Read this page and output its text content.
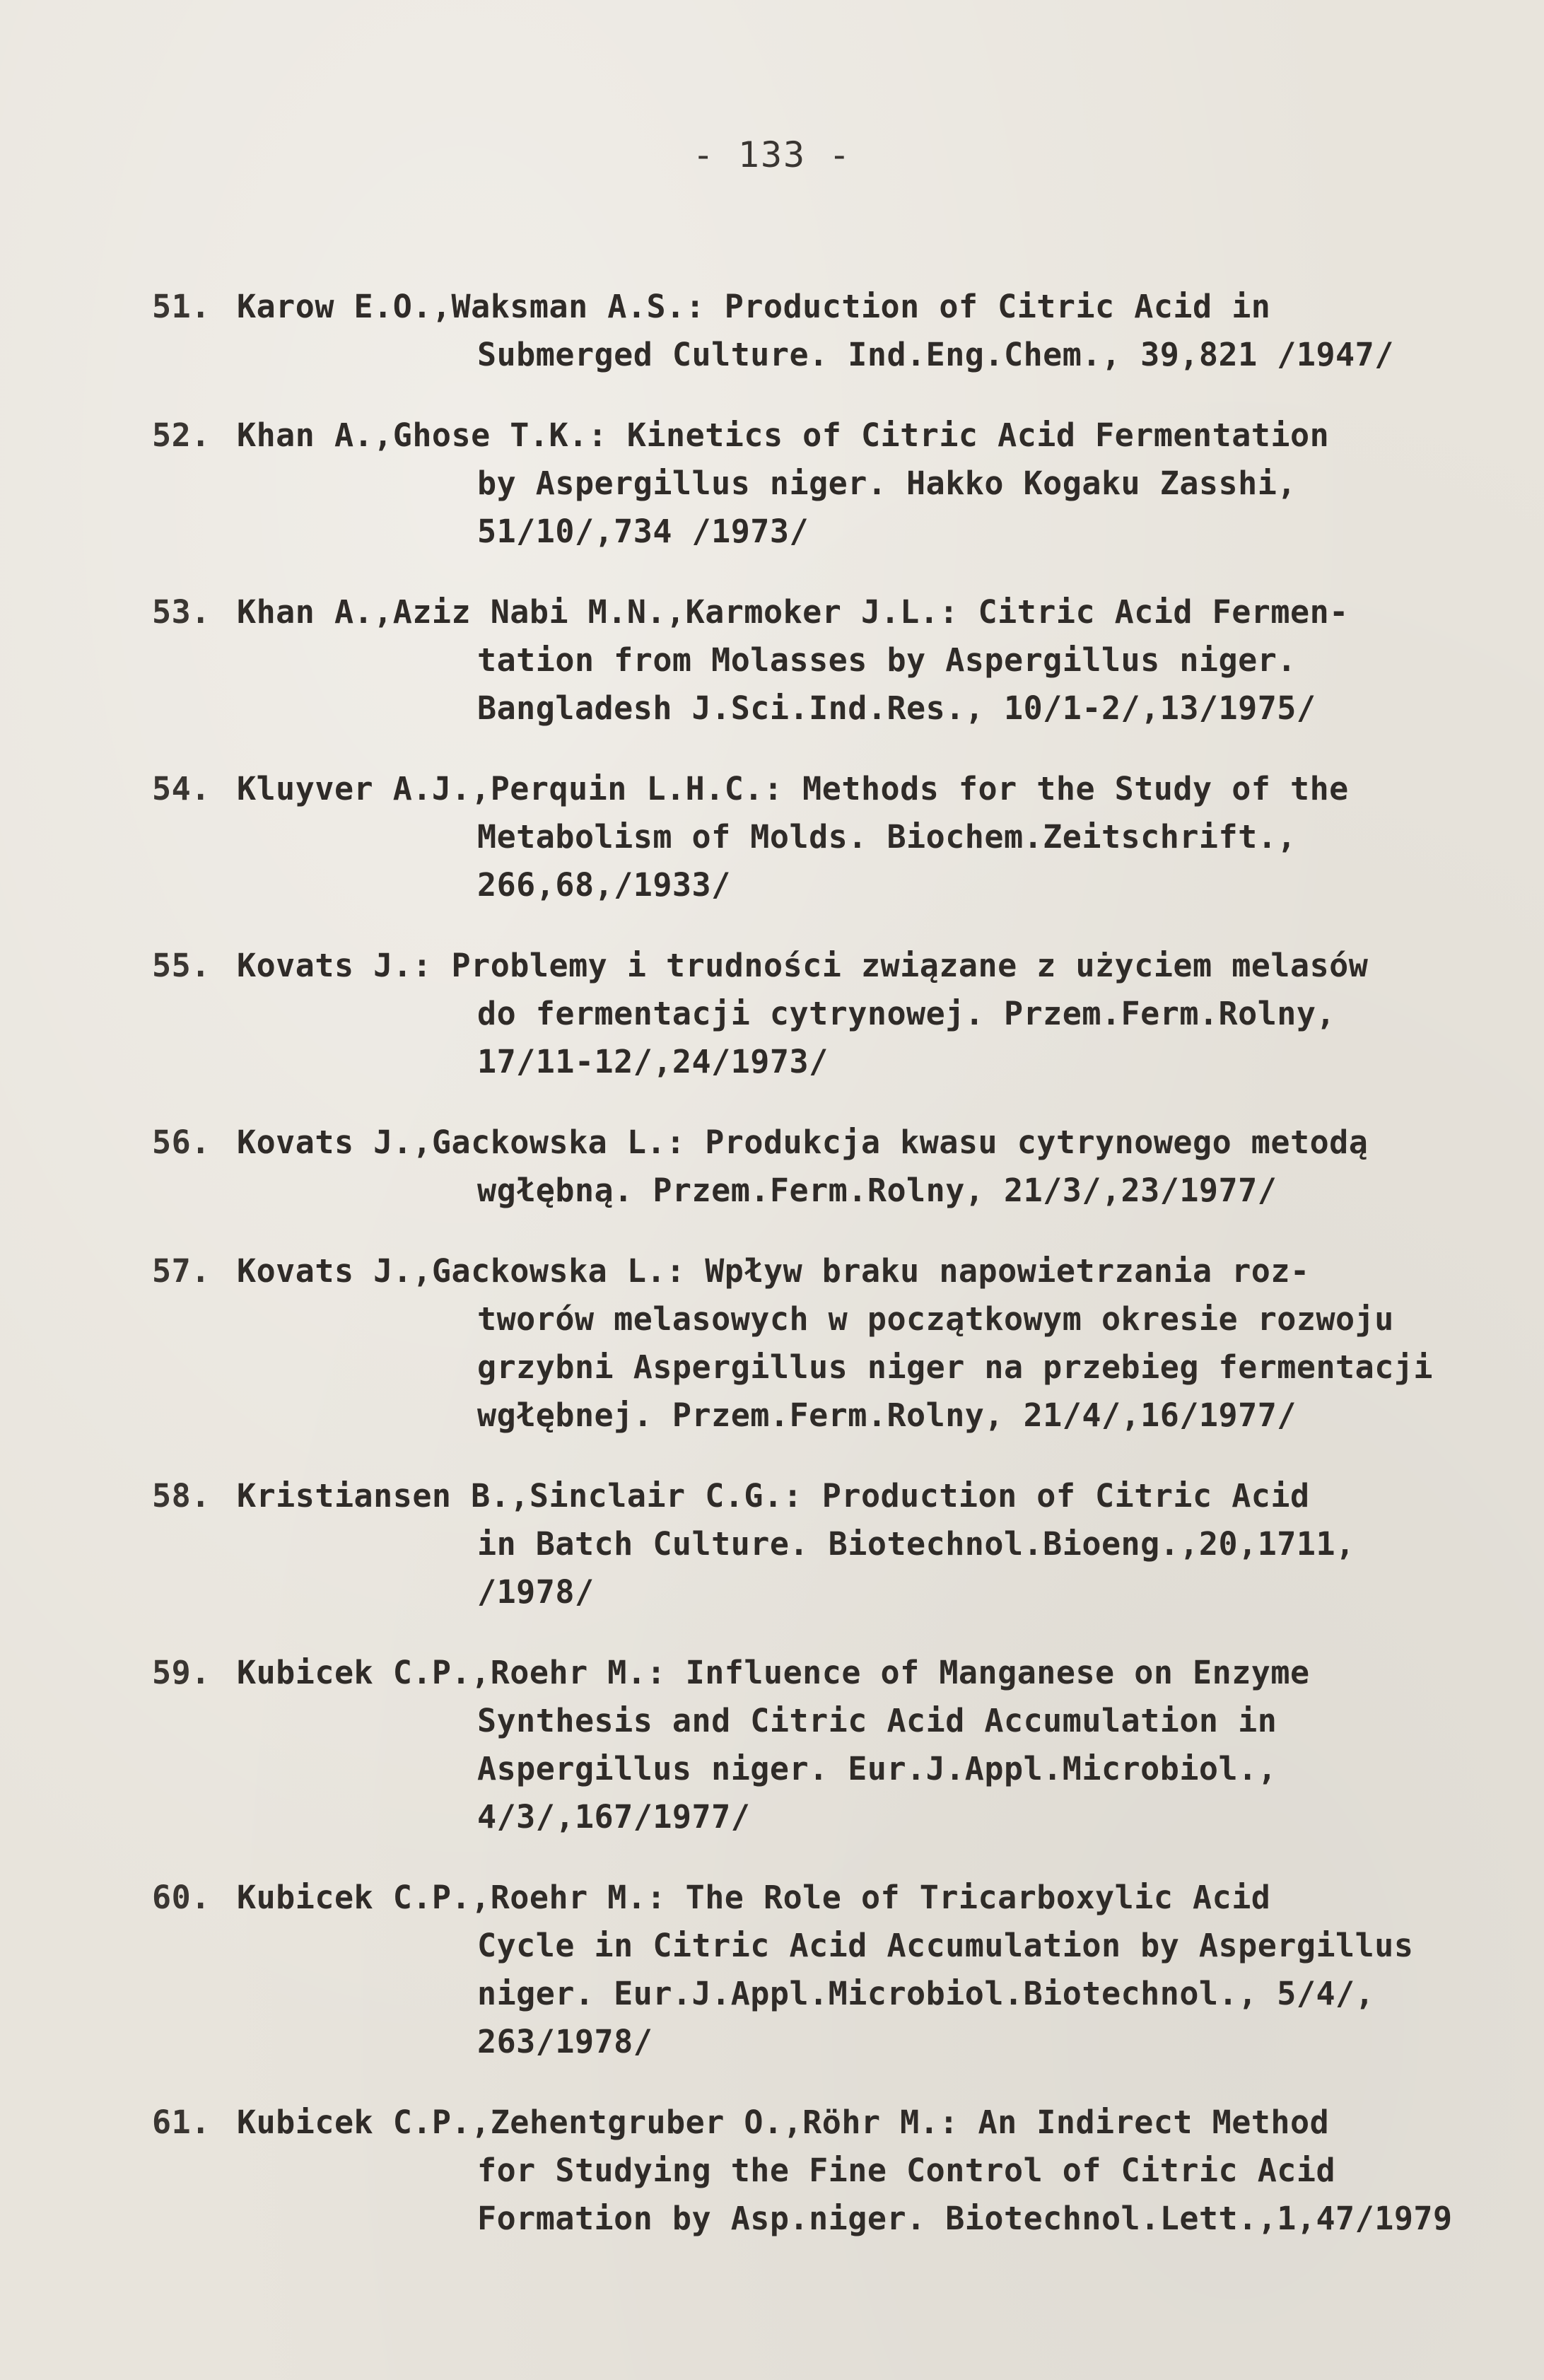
- 133 -
51. Karow E.O.,Waksman A.S.: Production of Citric Acid in
Submerged Culture. Ind.Eng.Chem., 39,821 /1947/
52. Khan A.,Ghose T.K.: Kinetics of Citric Acid Fermentation
by Aspergillus niger. Hakko Kogaku Zasshi,
51/10/,734 /1973/
53. Khan A.,Aziz Nabi M.N.,Karmoker J.L.: Citric Acid Fermen-
tation from Molasses by Aspergillus niger.
Bangladesh J.Sci.Ind.Res., 10/1-2/,13/1975/
54. Kluyver A.J.,Perquin L.H.C.: Methods for the Study of the
Metabolism of Molds. Biochem.Zeitschrift.,
266,68,/1933/
55. Kovats J.: Problemy i trudności związane z użyciem melasów
do fermentacji cytrynowej. Przem.Ferm.Rolny,
17/11-12/,24/1973/
56. Kovats J.,Gackowska L.: Produkcja kwasu cytrynowego metodą
wgłębną. Przem.Ferm.Rolny, 21/3/,23/1977/
57. Kovats J.,Gackowska L.: Wpływ braku napowietrzania roz-
tworów melasowych w początkowym okresie rozwoju
grzybni Aspergillus niger na przebieg fermentacji
wgłębnej. Przem.Ferm.Rolny, 21/4/,16/1977/
58. Kristiansen B.,Sinclair C.G.: Production of Citric Acid
in Batch Culture. Biotechnol.Bioeng.,20,1711,
/1978/
59. Kubicek C.P.,Roehr M.: Influence of Manganese on Enzyme
Synthesis and Citric Acid Accumulation in
Aspergillus niger. Eur.J.Appl.Microbiol.,
4/3/,167/1977/
60. Kubicek C.P.,Roehr M.: The Role of Tricarboxylic Acid
Cycle in Citric Acid Accumulation by Aspergillus
niger. Eur.J.Appl.Microbiol.Biotechnol., 5/4/,
263/1978/
61. Kubicek C.P.,Zehentgruber O.,Röhr M.: An Indirect Method
for Studying the Fine Control of Citric Acid
Formation by Asp.niger. Biotechnol.Lett.,1,47/1979
